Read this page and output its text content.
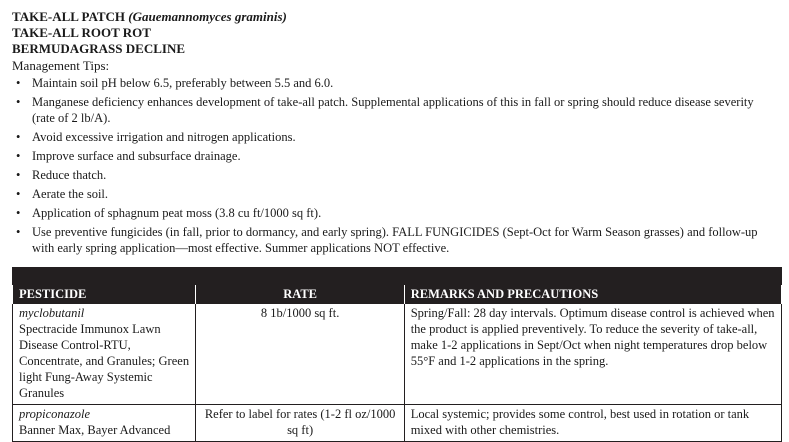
TAKE-ALL PATCH (Gauemannomyces graminis)
TAKE-ALL ROOT ROT
BERMUDAGRASS DECLINE
Management Tips:
• Maintain soil pH below 6.5, preferably between 5.5 and 6.0.
• Manganese deficiency enhances development of take-all patch. Supplemental applications of this in fall or spring should reduce disease severity (rate of 2 lb/A).
• Avoid excessive irrigation and nitrogen applications.
• Improve surface and subsurface drainage.
• Reduce thatch.
• Aerate the soil.
• Application of sphagnum peat moss (3.8 cu ft/1000 sq ft).
• Use preventive fungicides (in fall, prior to dormancy, and early spring). FALL FUNGICIDES (Sept-Oct for Warm Season grasses) and follow-up with early spring application—most effective. Summer applications NOT effective.
PESTICIDE	RATE	REMARKS AND PRECAUTIONS

myclobutanil
Spectracide Immunox Lawn Disease Control-RTU, Concentrate, and Granules; Green light Fung-Away Systemic Granules	8 1b/1000 sq ft.	Spring/Fall: 28 day intervals. Optimum disease control is achieved when the product is applied preventively. To reduce the severity of take-all, make 1-2 applications in Sept/Oct when night temperatures drop below 55°F and 1-2 applications in the spring.

propiconazole
Banner Max, Bayer Advanced	Refer to label for rates (1-2 fl oz/1000 sq ft)	Local systemic; provides some control, best used in rotation or tank mixed with other chemistries.
